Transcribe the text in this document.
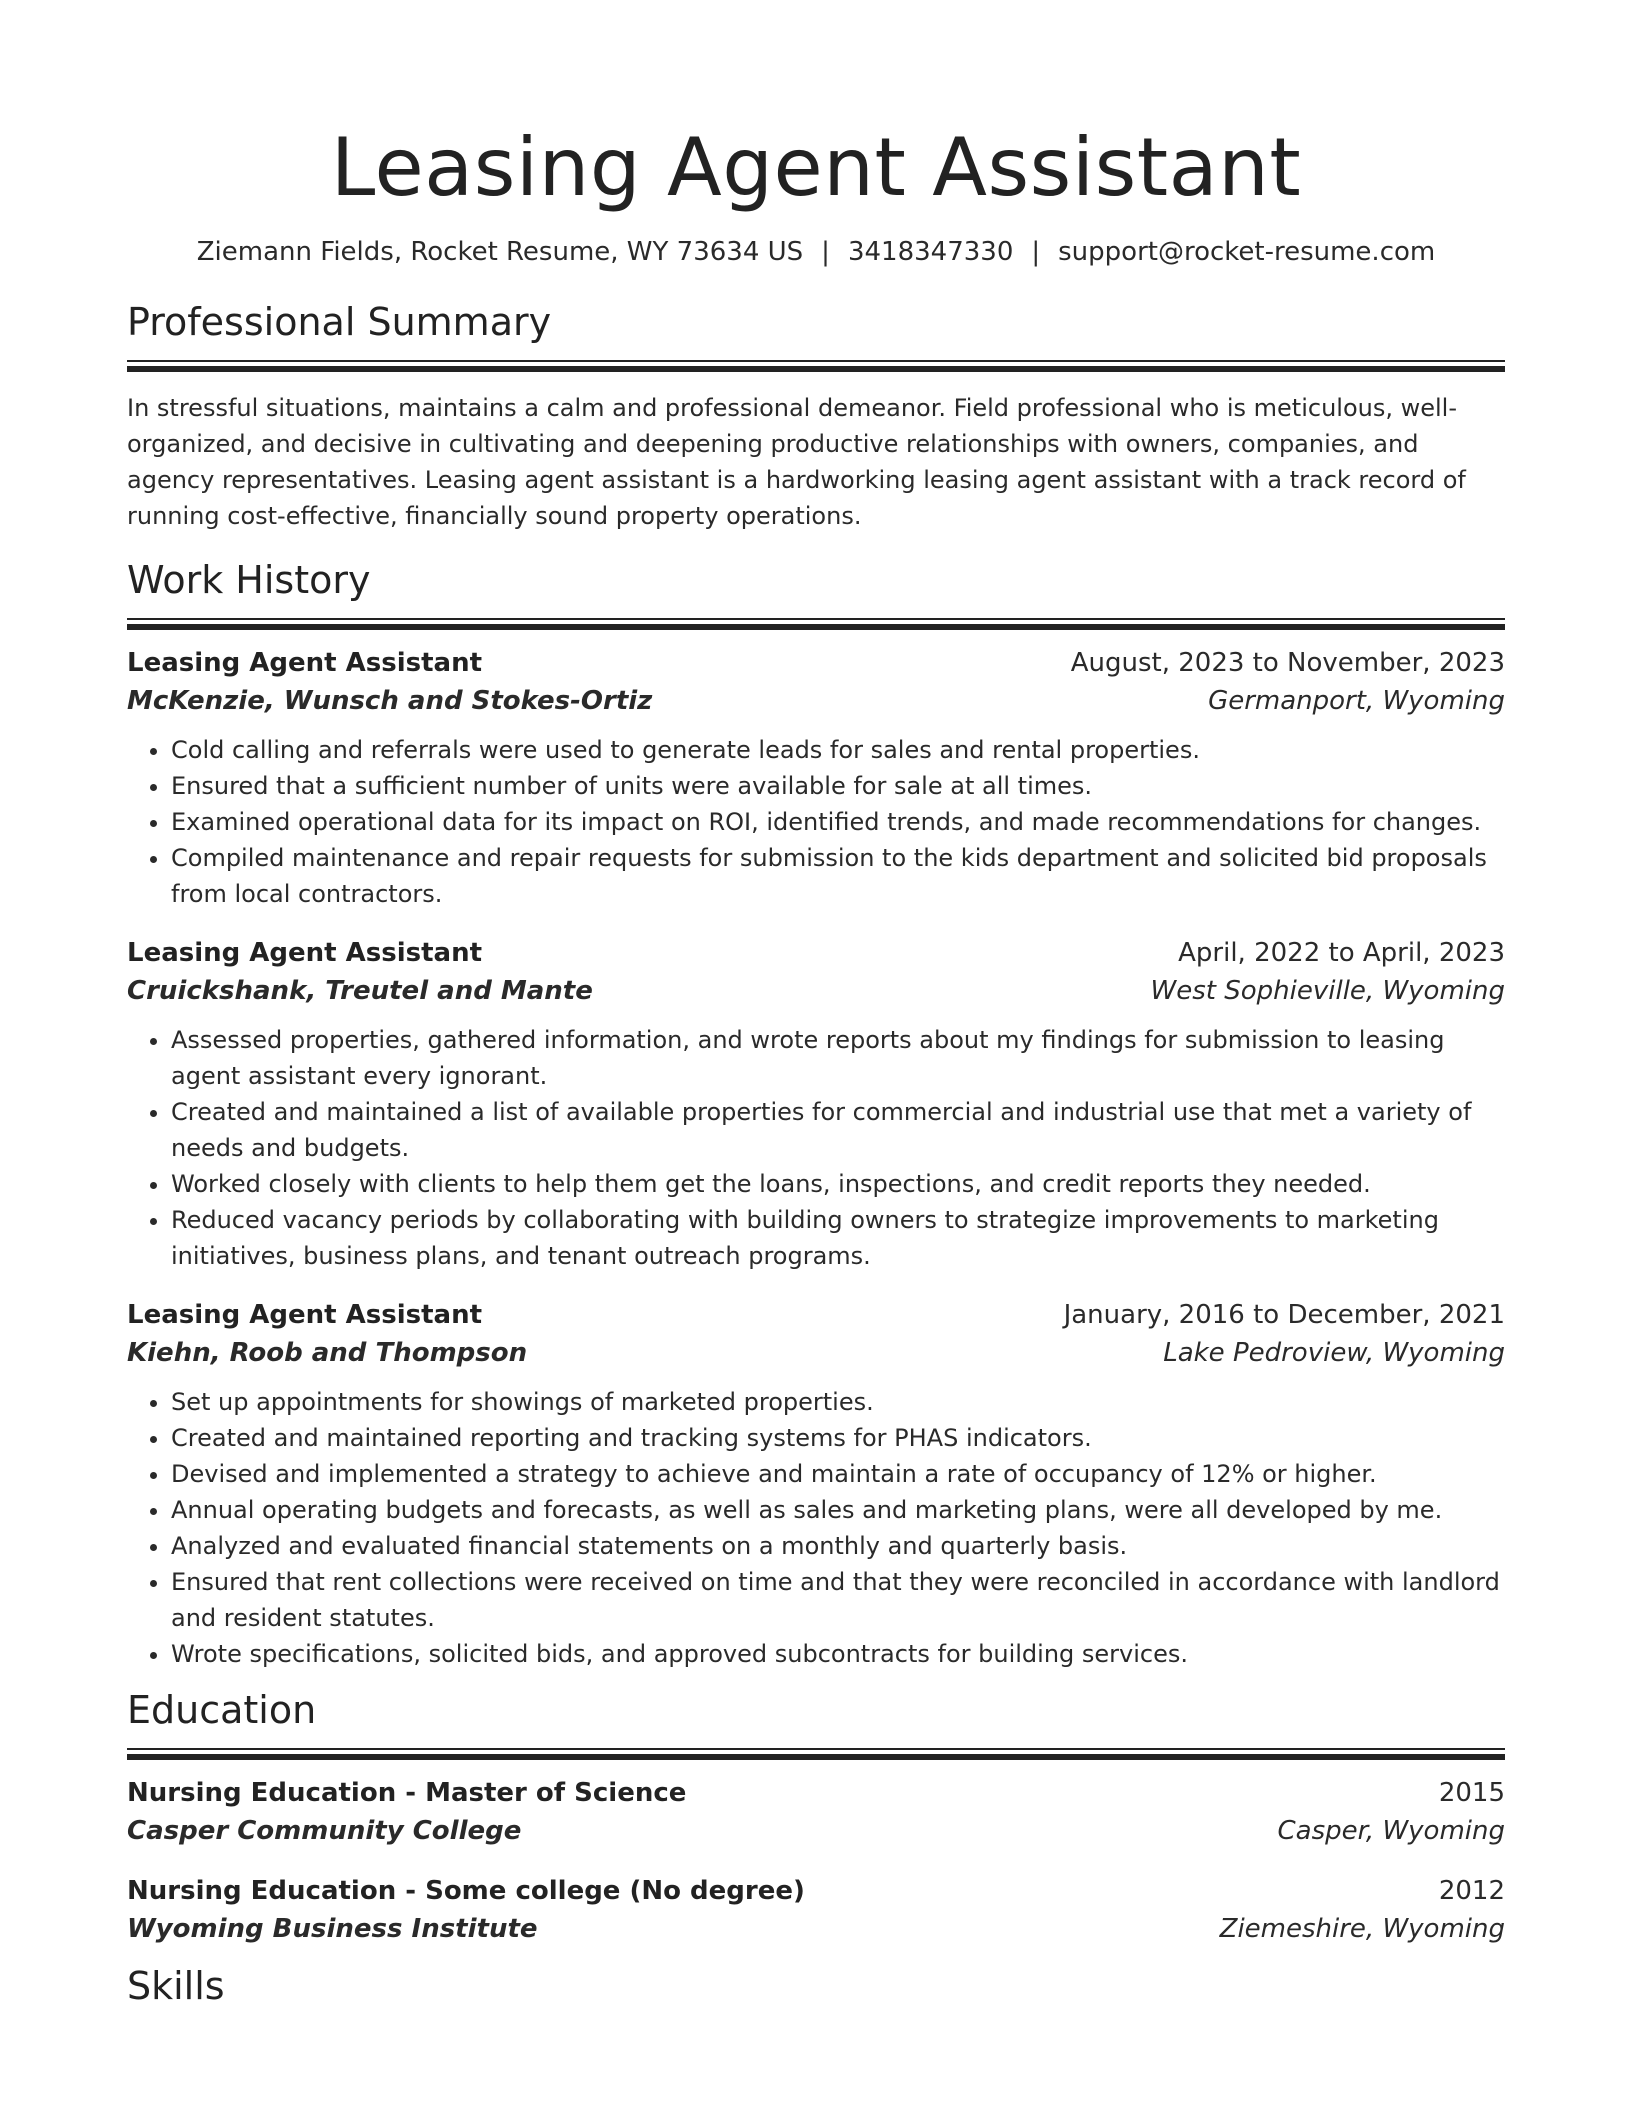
Leasing Agent Assistant
Ziemann Fields, Rocket Resume, WY 73634 US | 3418347330 | support@rocket-resume.com
Professional Summary

In stressful situations, maintains a calm and professional demeanor. Field professional who is meticulous, well-organized, and decisive in cultivating and deepening productive relationships with owners, companies, and agency representatives. Leasing agent assistant is a hardworking leasing agent assistant with a track record of running cost-effective, financially sound property operations.

Work History
Leasing Agent Assistant	August, 2023 to November, 2023
McKenzie, Wunsch and Stokes-Ortiz	Germanport, Wyoming
• Cold calling and referrals were used to generate leads for sales and rental properties.
• Ensured that a sufficient number of units were available for sale at all times.
• Examined operational data for its impact on ROI, identified trends, and made recommendations for changes.
• Compiled maintenance and repair requests for submission to the kids department and solicited bid proposals from local contractors.
Leasing Agent Assistant	April, 2022 to April, 2023
Cruickshank, Treutel and Mante	West Sophieville, Wyoming
• Assessed properties, gathered information, and wrote reports about my findings for submission to leasing agent assistant every ignorant.
• Created and maintained a list of available properties for commercial and industrial use that met a variety of needs and budgets.
• Worked closely with clients to help them get the loans, inspections, and credit reports they needed.
• Reduced vacancy periods by collaborating with building owners to strategize improvements to marketing initiatives, business plans, and tenant outreach programs.
Leasing Agent Assistant	January, 2016 to December, 2021
Kiehn, Roob and Thompson	Lake Pedroview, Wyoming
• Set up appointments for showings of marketed properties.
• Created and maintained reporting and tracking systems for PHAS indicators.
• Devised and implemented a strategy to achieve and maintain a rate of occupancy of 12% or higher.
• Annual operating budgets and forecasts, as well as sales and marketing plans, were all developed by me.
• Analyzed and evaluated financial statements on a monthly and quarterly basis.
• Ensured that rent collections were received on time and that they were reconciled in accordance with landlord and resident statutes.
• Wrote specifications, solicited bids, and approved subcontracts for building services.
Education
Nursing Education - Master of Science	2015
Casper Community College	Casper, Wyoming
Nursing Education - Some college (No degree)	2012
Wyoming Business Institute	Ziemeshire, Wyoming
Skills
